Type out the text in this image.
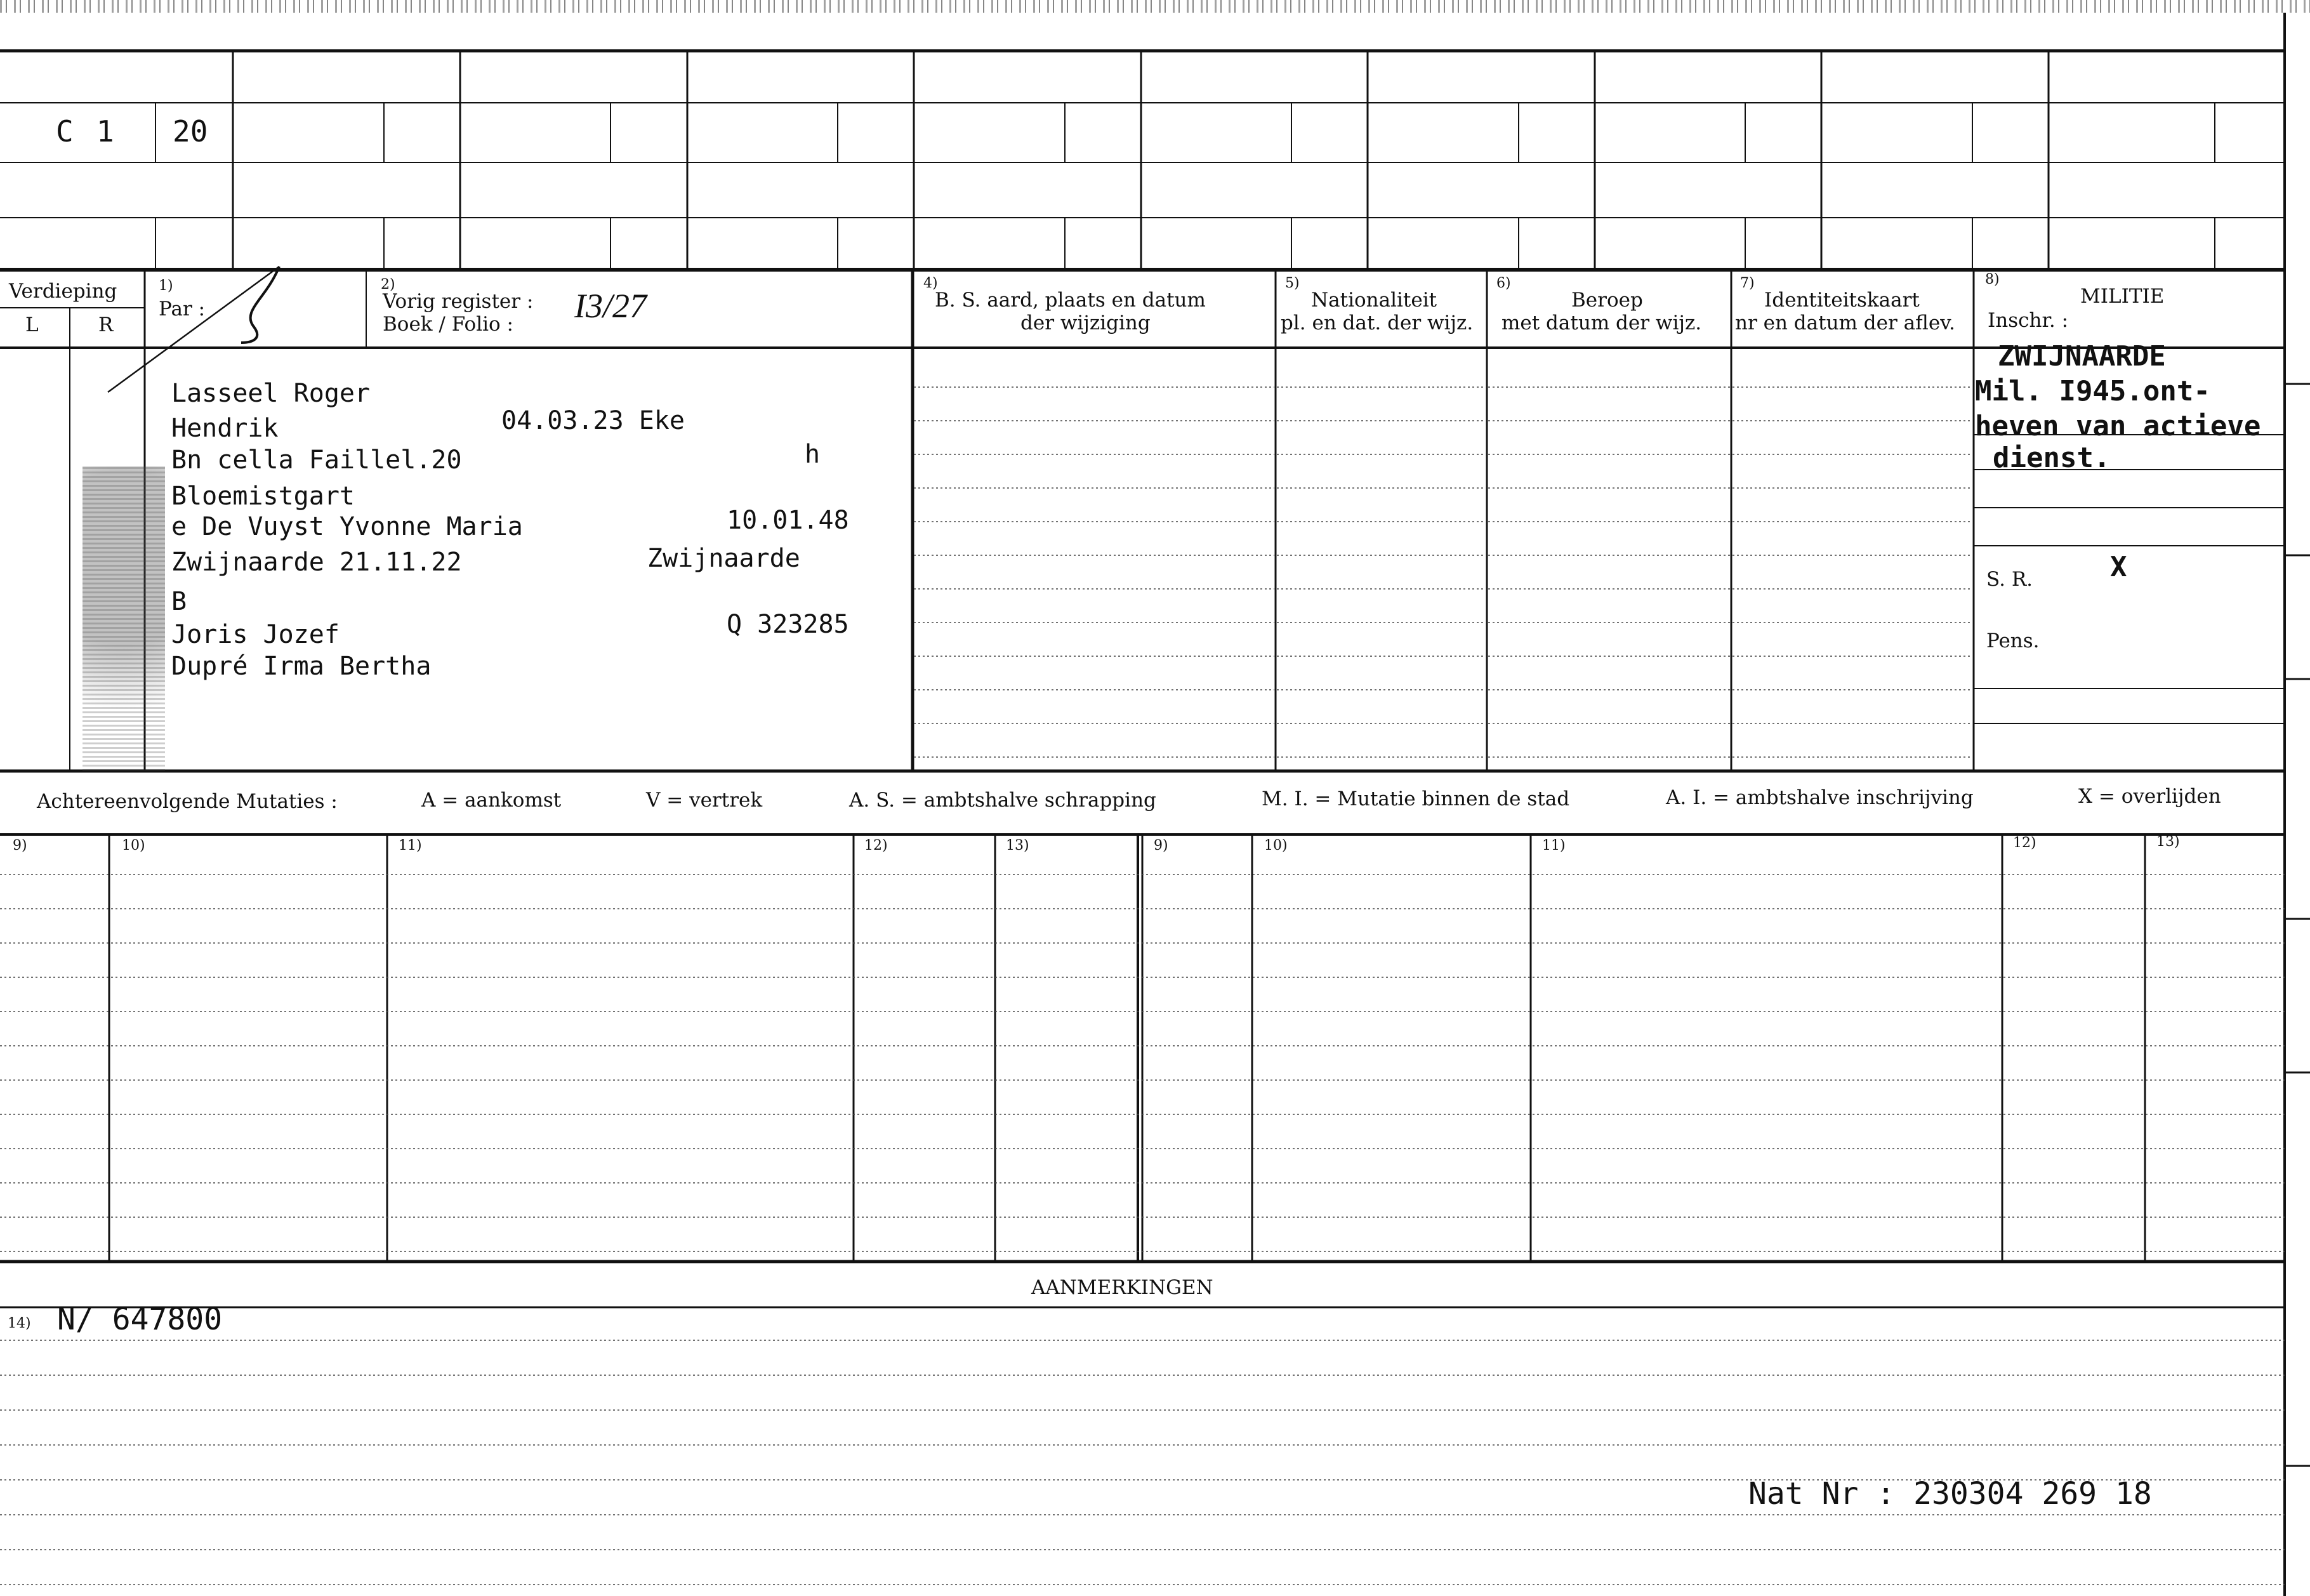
C 1 20
Verdieping
L	R
1)
Par :
2)
Vorig register :
Boek / Folio : I3/27
4)
B. S. aard, plaats en datum
der wijziging
5)
Nationaliteit
pl. en dat. der wijz.
6)
Beroep
met datum der wijz.
7)
Identiteitskaart
nr en datum der aflev.
8)
MILITIE
Inschr. :
Lasseel Roger
Hendrik	04.03.23 Eke
Bn cella Faillel.20	h
Bloemistgart
e De Vuyst Yvonne Maria	10.01.48
Zwijnaarde 21.11.22	Zwijnaarde
B
Joris Jozef	Q 323285
Dupré Irma Bertha
ZWIJNAARDE
Mil. I945.ont-
heven van actieve
dienst.
S. R.	X
Pens.
Achtereenvolgende Mutaties :	A = aankomst	V = vertrek	A. S. = ambtshalve schrapping	M. I. = Mutatie binnen de stad	A. I. = ambtshalve inschrijving	X = overlijden
9)	10)	11)	12)	13)	9)	10)	11)	12)	13)
AANMERKINGEN
14) N/ 647800
Nat Nr : 230304 269 18
